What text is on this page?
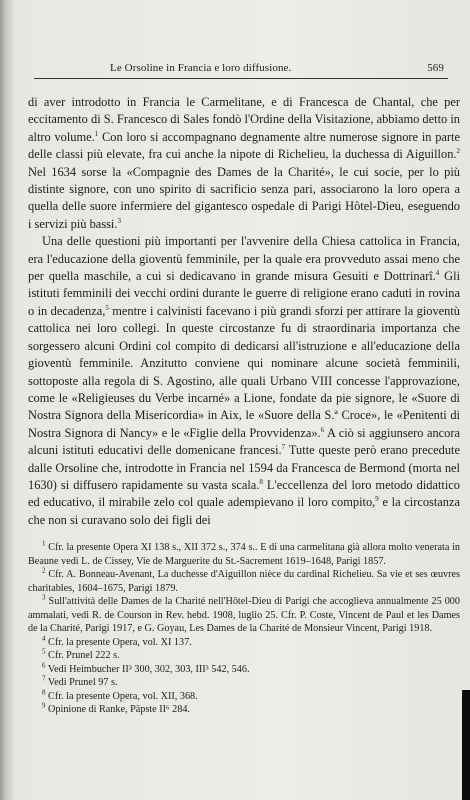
Le Orsoline in Francia e loro diffusione.	569

di aver introdotto in Francia le Carmelitane, e di Francesca de Chantal, che per eccitamento di S. Francesco di Sales fondò l'Ordine della Visitazione, abbiamo detto in altro volume.$^1$ Con loro si accompagnano degnamente altre numerose signore in parte delle classi più elevate, fra cui anche la nipote di Richelieu, la duchessa di Aiguillon.$^2$ Nel 1634 sorse la «Compagnie des Dames de la Charité», le cui socie, per lo più distinte signore, con uno spirito di sacrificio senza pari, associarono la loro opera a quella delle suore infermiere del gigantesco ospedale di Parigi Hôtel-Dieu, eseguendo i servizi più bassi.$^3$

Una delle questioni più importanti per l'avvenire della Chiesa cattolica in Francia, era l'educazione della gioventù femminile, per la quale era provveduto assai meno che per quella maschile, a cui si dedicavano in grande misura Gesuiti e Dottrinarî.$^4$ Gli istituti femminili dei vecchi ordini durante le guerre di religione erano caduti in rovina o in decadenza,$^5$ mentre i calvinisti facevano i più grandi sforzi per attirare la gioventù cattolica nei loro collegi. In queste circostanze fu di straordinaria importanza che sorgessero alcuni Ordini col compito di dedicarsi all'istruzione e all'educazione della gioventù femminile. Anzitutto conviene qui nominare alcune società femminili, sottoposte alla regola di S. Agostino, alle quali Urbano VIII concesse l'approvazione, come le «Religieuses du Verbe incarné» a Lione, fondate da pie signore, le «Suore di Nostra Signora della Misericordia» in Aix, le «Suore della S.ª Croce», le «Penitenti di Nostra Signora di Nancy» e le «Figlie della Provvidenza».$^6$ A ciò si aggiunsero ancora alcuni istituti educativi delle domenicane francesi.$^7$ Tutte queste però erano precedute dalle Orsoline che, introdotte in Francia nel 1594 da Francesca de Bermond (morta nel 1630) si diffusero rapidamente su vasta scala.$^8$ L'eccellenza del loro metodo didattico ed educativo, il mirabile zelo col quale adempievano il loro compito,$^9$ e la circostanza che non si curavano solo dei figli dei

$^1$ Cfr. la presente Opera XI 138 s., XII 372 s., 374 s.. E di una carmelitana già allora molto venerata in Beaune vedi L. de Cissey, Vie de Marguerite du St.-Sacrement 1619–1648, Parigi 1857.

$^2$ Cfr. A. Bonneau-Avenant, La duchesse d'Aiguillon nièce du cardinal Richelieu. Sa vie et ses œuvres charitables, 1604–1675, Parigi 1879.

$^3$ Sull'attività delle Dames de la Charité nell'Hôtel-Dieu di Parigi che accoglieva annualmente 25 000 ammalati, vedi R. de Courson in Rev. hebd. 1908, luglio 25. Cfr. P. Coste, Vincent de Paul et les Dames de la Charité, Parigi 1917, e G. Goyau, Les Dames de la Charité de Monsieur Vincent, Parigi 1918.

$^4$ Cfr. la presente Opera, vol. XI 137.

$^5$ Cfr. Prunel 222 s.

$^6$ Vedi Heimbucher II³ 300, 302, 303, III³ 542, 546.

$^7$ Vedi Prunel 97 s.

$^8$ Cfr. la presente Opera, vol. XII, 368.

$^9$ Opinione di Ranke, Päpste II⁶ 284.
